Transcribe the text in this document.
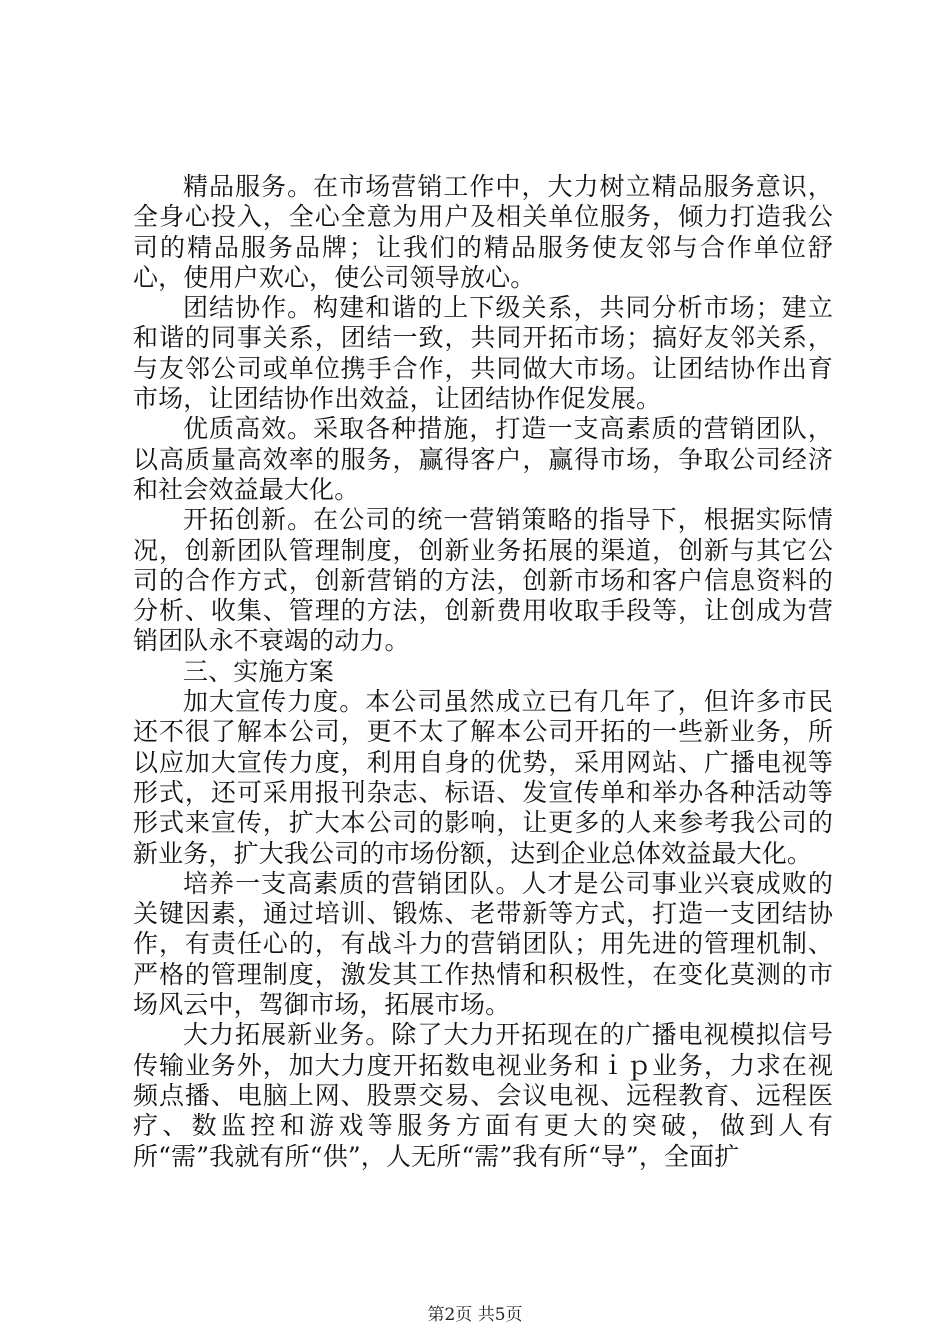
精品服务。在市场营销工作中，大力树立精品服务意识，全身心投入，全心全意为用户及相关单位服务，倾力打造我公司的精品服务品牌；让我们的精品服务使友邻与合作单位舒心，使用户欢心，使公司领导放心。

团结协作。构建和谐的上下级关系，共同分析市场；建立和谐的同事关系，团结一致，共同开拓市场；搞好友邻关系，与友邻公司或单位携手合作，共同做大市场。让团结协作出育市场，让团结协作出效益，让团结协作促发展。

优质高效。采取各种措施，打造一支高素质的营销团队，以高质量高效率的服务，赢得客户，赢得市场，争取公司经济和社会效益最大化。

开拓创新。在公司的统一营销策略的指导下，根据实际情况，创新团队管理制度，创新业务拓展的渠道，创新与其它公司的合作方式，创新营销的方法，创新市场和客户信息资料的分析、收集、管理的方法，创新费用收取手段等，让创成为营销团队永不衰竭的动力。

三、实施方案

加大宣传力度。本公司虽然成立已有几年了，但许多市民还不很了解本公司，更不太了解本公司开拓的一些新业务，所以应加大宣传力度，利用自身的优势，采用网站、广播电视等形式，还可采用报刊杂志、标语、发宣传单和举办各种活动等形式来宣传，扩大本公司的影响，让更多的人来参考我公司的新业务，扩大我公司的市场份额，达到企业总体效益最大化。

培养一支高素质的营销团队。人才是公司事业兴衰成败的关键因素，通过培训、锻炼、老带新等方式，打造一支团结协作，有责任心的，有战斗力的营销团队；用先进的管理机制、严格的管理制度，激发其工作热情和积极性，在变化莫测的市场风云中，驾御市场，拓展市场。

大力拓展新业务。除了大力开拓现在的广播电视模拟信号传输业务外，加大力度开拓数电视业务和ｉｐ业务，力求在视频点播、电脑上网、股票交易、会议电视、远程教育、远程医疗、数监控和游戏等服务方面有更大的突破，做到人有所“需”我就有所“供”，人无所“需”我有所“导”，全面扩

第2页 共5页
